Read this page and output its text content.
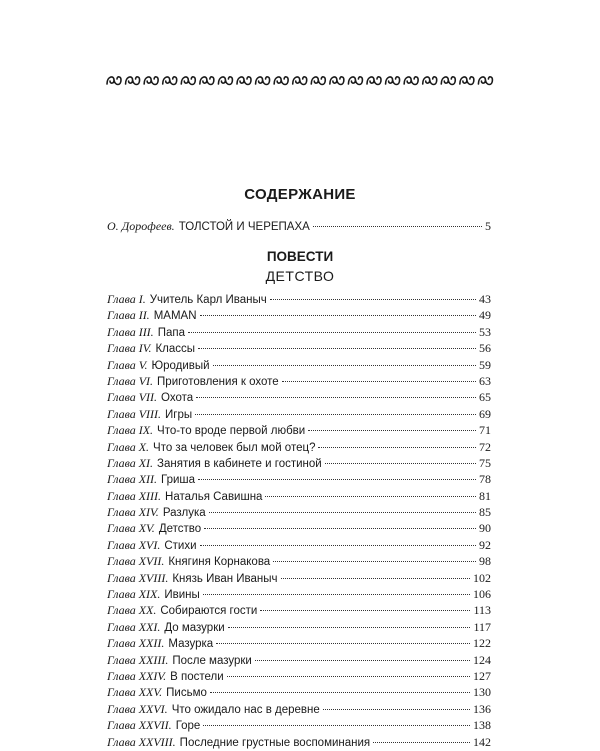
СОДЕРЖАНИЕ
О. Дорофеев. ТОЛСТОЙ И ЧЕРЕПАХА	5
ПОВЕСТИ
ДЕТСТВО
Глава I. Учитель Карл Иваныч	43
Глава II. MAMAN	49
Глава III. Папа	53
Глава IV. Классы	56
Глава V. Юродивый	59
Глава VI. Приготовления к охоте	63
Глава VII. Охота	65
Глава VIII. Игры	69
Глава IX. Что-то вроде первой любви	71
Глава X. Что за человек был мой отец?	72
Глава XI. Занятия в кабинете и гостиной	75
Глава XII. Гриша	78
Глава XIII. Наталья Савишна	81
Глава XIV. Разлука	85
Глава XV. Детство	90
Глава XVI. Стихи	92
Глава XVII. Княгиня Корнакова	98
Глава XVIII. Князь Иван Иваныч	102
Глава XIX. Ивины	106
Глава XX. Собираются гости	113
Глава XXI. До мазурки	117
Глава XXII. Мазурка	122
Глава XXIII. После мазурки	124
Глава XXIV. В постели	127
Глава XXV. Письмо	130
Глава XXVI. Что ожидало нас в деревне	136
Глава XXVII. Горе	138
Глава XXVIII. Последние грустные воспоминания	142
